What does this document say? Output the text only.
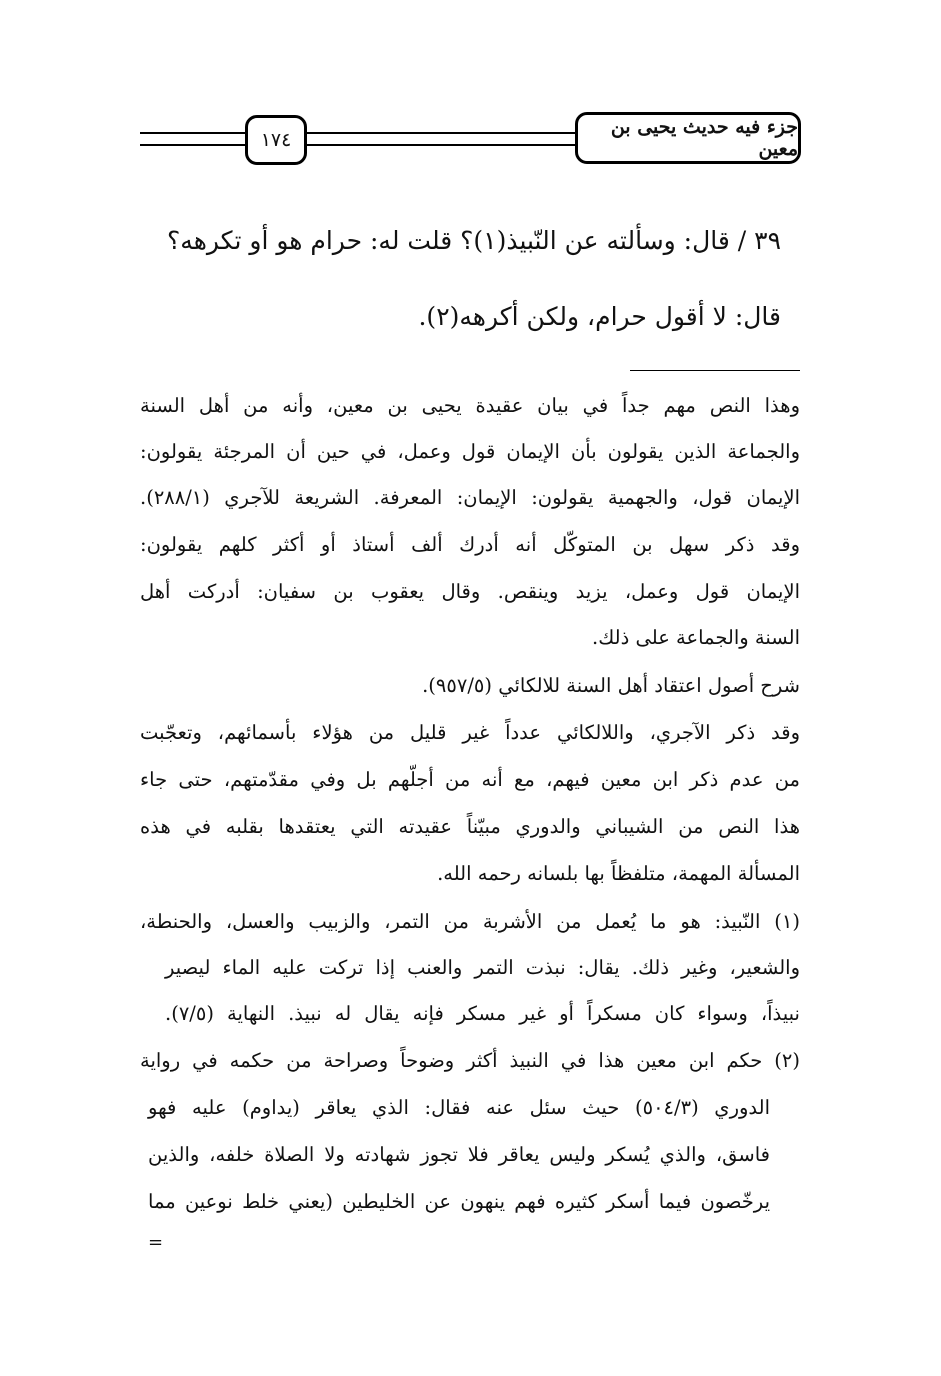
١٧٤
جزء فيه حديث يحيى بن معين
٣٩ / قال: وسألته عن النّبيذ(١)؟ قلت له: حرام هو أو تكرهه؟
قال: لا أقول حرام، ولكن أكرهه(٢).
وهذا النص مهم جداً في بيان عقيدة يحيى بن معين، وأنه من أهل السنة
والجماعة الذين يقولون بأن الإيمان قول وعمل، في حين أن المرجئة يقولون:
الإيمان قول، والجهمية يقولون: الإيمان: المعرفة. الشريعة للآجري (٢٨٨/١).
وقد ذكر سهل بن المتوكّل أنه أدرك ألف أستاذ أو أكثر كلهم يقولون:
الإيمان قول وعمل، يزيد وينقص. وقال يعقوب بن سفيان: أدركت أهل
السنة والجماعة على ذلك.
شرح أصول اعتقاد أهل السنة للالكائي (٩٥٧/٥).
وقد ذكر الآجري، واللالكائي عدداً غير قليل من هؤلاء بأسمائهم، وتعجّبت
من عدم ذكر ابن معين فيهم، مع أنه من أجلّهم بل وفي مقدّمتهم، حتى جاء
هذا النص من الشيباني والدوري مبيّناً عقيدته التي يعتقدها بقلبه في هذه
المسألة المهمة، متلفظاً بها بلسانه رحمه الله.
(١) النّبيذ: هو ما يُعمل من الأشربة من التمر، والزبيب والعسل، والحنطة،
والشعير، وغير ذلك. يقال: نبذت التمر والعنب إذا تركت عليه الماء ليصير
نبيذاً، وسواء كان مسكراً أو غير مسكر فإنه يقال له نبيذ. النهاية (٧/٥).
(٢) حكم ابن معين هذا في النبيذ أكثر وضوحاً وصراحة من حكمه في رواية
الدوري (٥٠٤/٣) حيث سئل عنه فقال: الذي يعاقر (يداوم) عليه فهو
فاسق، والذي يُسكر وليس يعاقر فلا تجوز شهادته ولا الصلاة خلفه، والذين
يرخّصون فيما أسكر كثيره فهم ينهون عن الخليطين (يعني خلط نوعين مما
=
